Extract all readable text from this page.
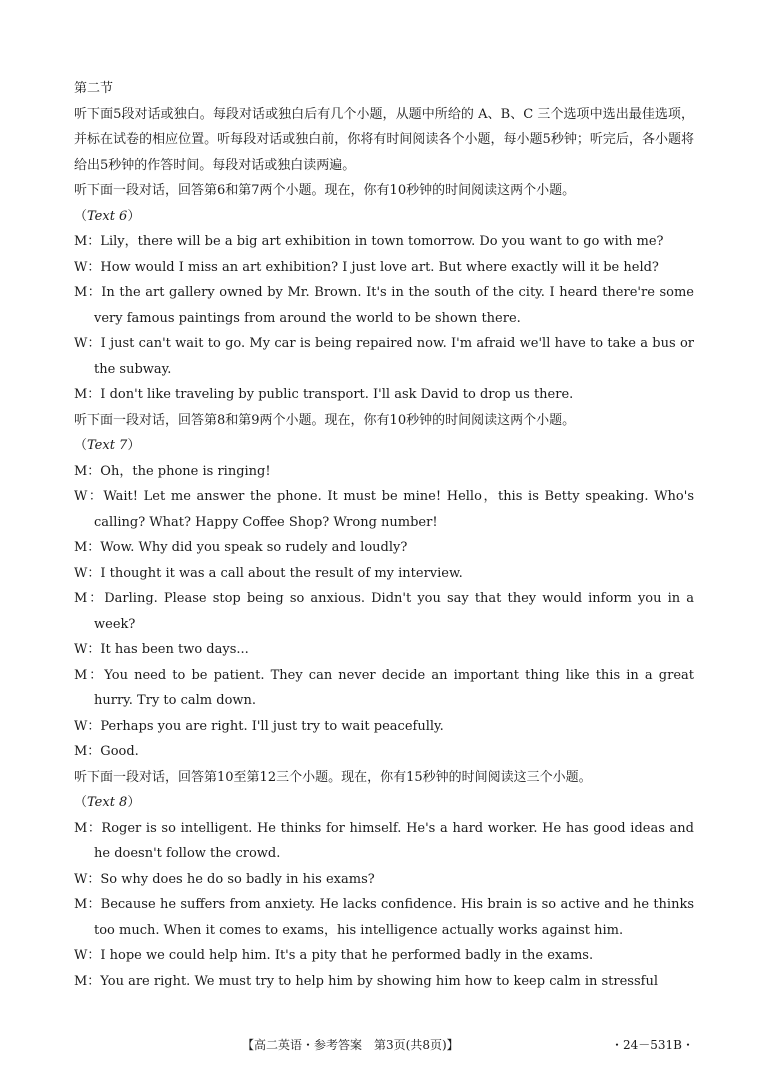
第二节
听下面5段对话或独白。每段对话或独白后有几个小题，从题中所给的 A、B、C 三个选项中选出最佳选项，并标在试卷的相应位置。听每段对话或独白前，你将有时间阅读各个小题，每小题5秒钟；听完后，各小题将给出5秒钟的作答时间。每段对话或独白读两遍。
听下面一段对话，回答第6和第7两个小题。现在，你有10秒钟的时间阅读这两个小题。
（Text 6）
M：Lily，there will be a big art exhibition in town tomorrow. Do you want to go with me?
W：How would I miss an art exhibition? I just love art. But where exactly will it be held?
M：In the art gallery owned by Mr. Brown. It's in the south of the city. I heard there're some very famous paintings from around the world to be shown there.
W：I just can't wait to go. My car is being repaired now. I'm afraid we'll have to take a bus or the subway.
M：I don't like traveling by public transport. I'll ask David to drop us there.
听下面一段对话，回答第8和第9两个小题。现在，你有10秒钟的时间阅读这两个小题。
（Text 7）
M：Oh，the phone is ringing!
W：Wait! Let me answer the phone. It must be mine! Hello，this is Betty speaking. Who's calling? What? Happy Coffee Shop? Wrong number!
M：Wow. Why did you speak so rudely and loudly?
W：I thought it was a call about the result of my interview.
M：Darling. Please stop being so anxious. Didn't you say that they would inform you in a week?
W：It has been two days...
M：You need to be patient. They can never decide an important thing like this in a great hurry. Try to calm down.
W：Perhaps you are right. I'll just try to wait peacefully.
M：Good.
听下面一段对话，回答第10至第12三个小题。现在，你有15秒钟的时间阅读这三个小题。
（Text 8）
M：Roger is so intelligent. He thinks for himself. He's a hard worker. He has good ideas and he doesn't follow the crowd.
W：So why does he do so badly in his exams?
M：Because he suffers from anxiety. He lacks confidence. His brain is so active and he thinks too much. When it comes to exams，his intelligence actually works against him.
W：I hope we could help him. It's a pity that he performed badly in the exams.
M：You are right. We must try to help him by showing him how to keep calm in stressful
【高二英语・参考答案　第3页(共8页)】	・24－531B・
